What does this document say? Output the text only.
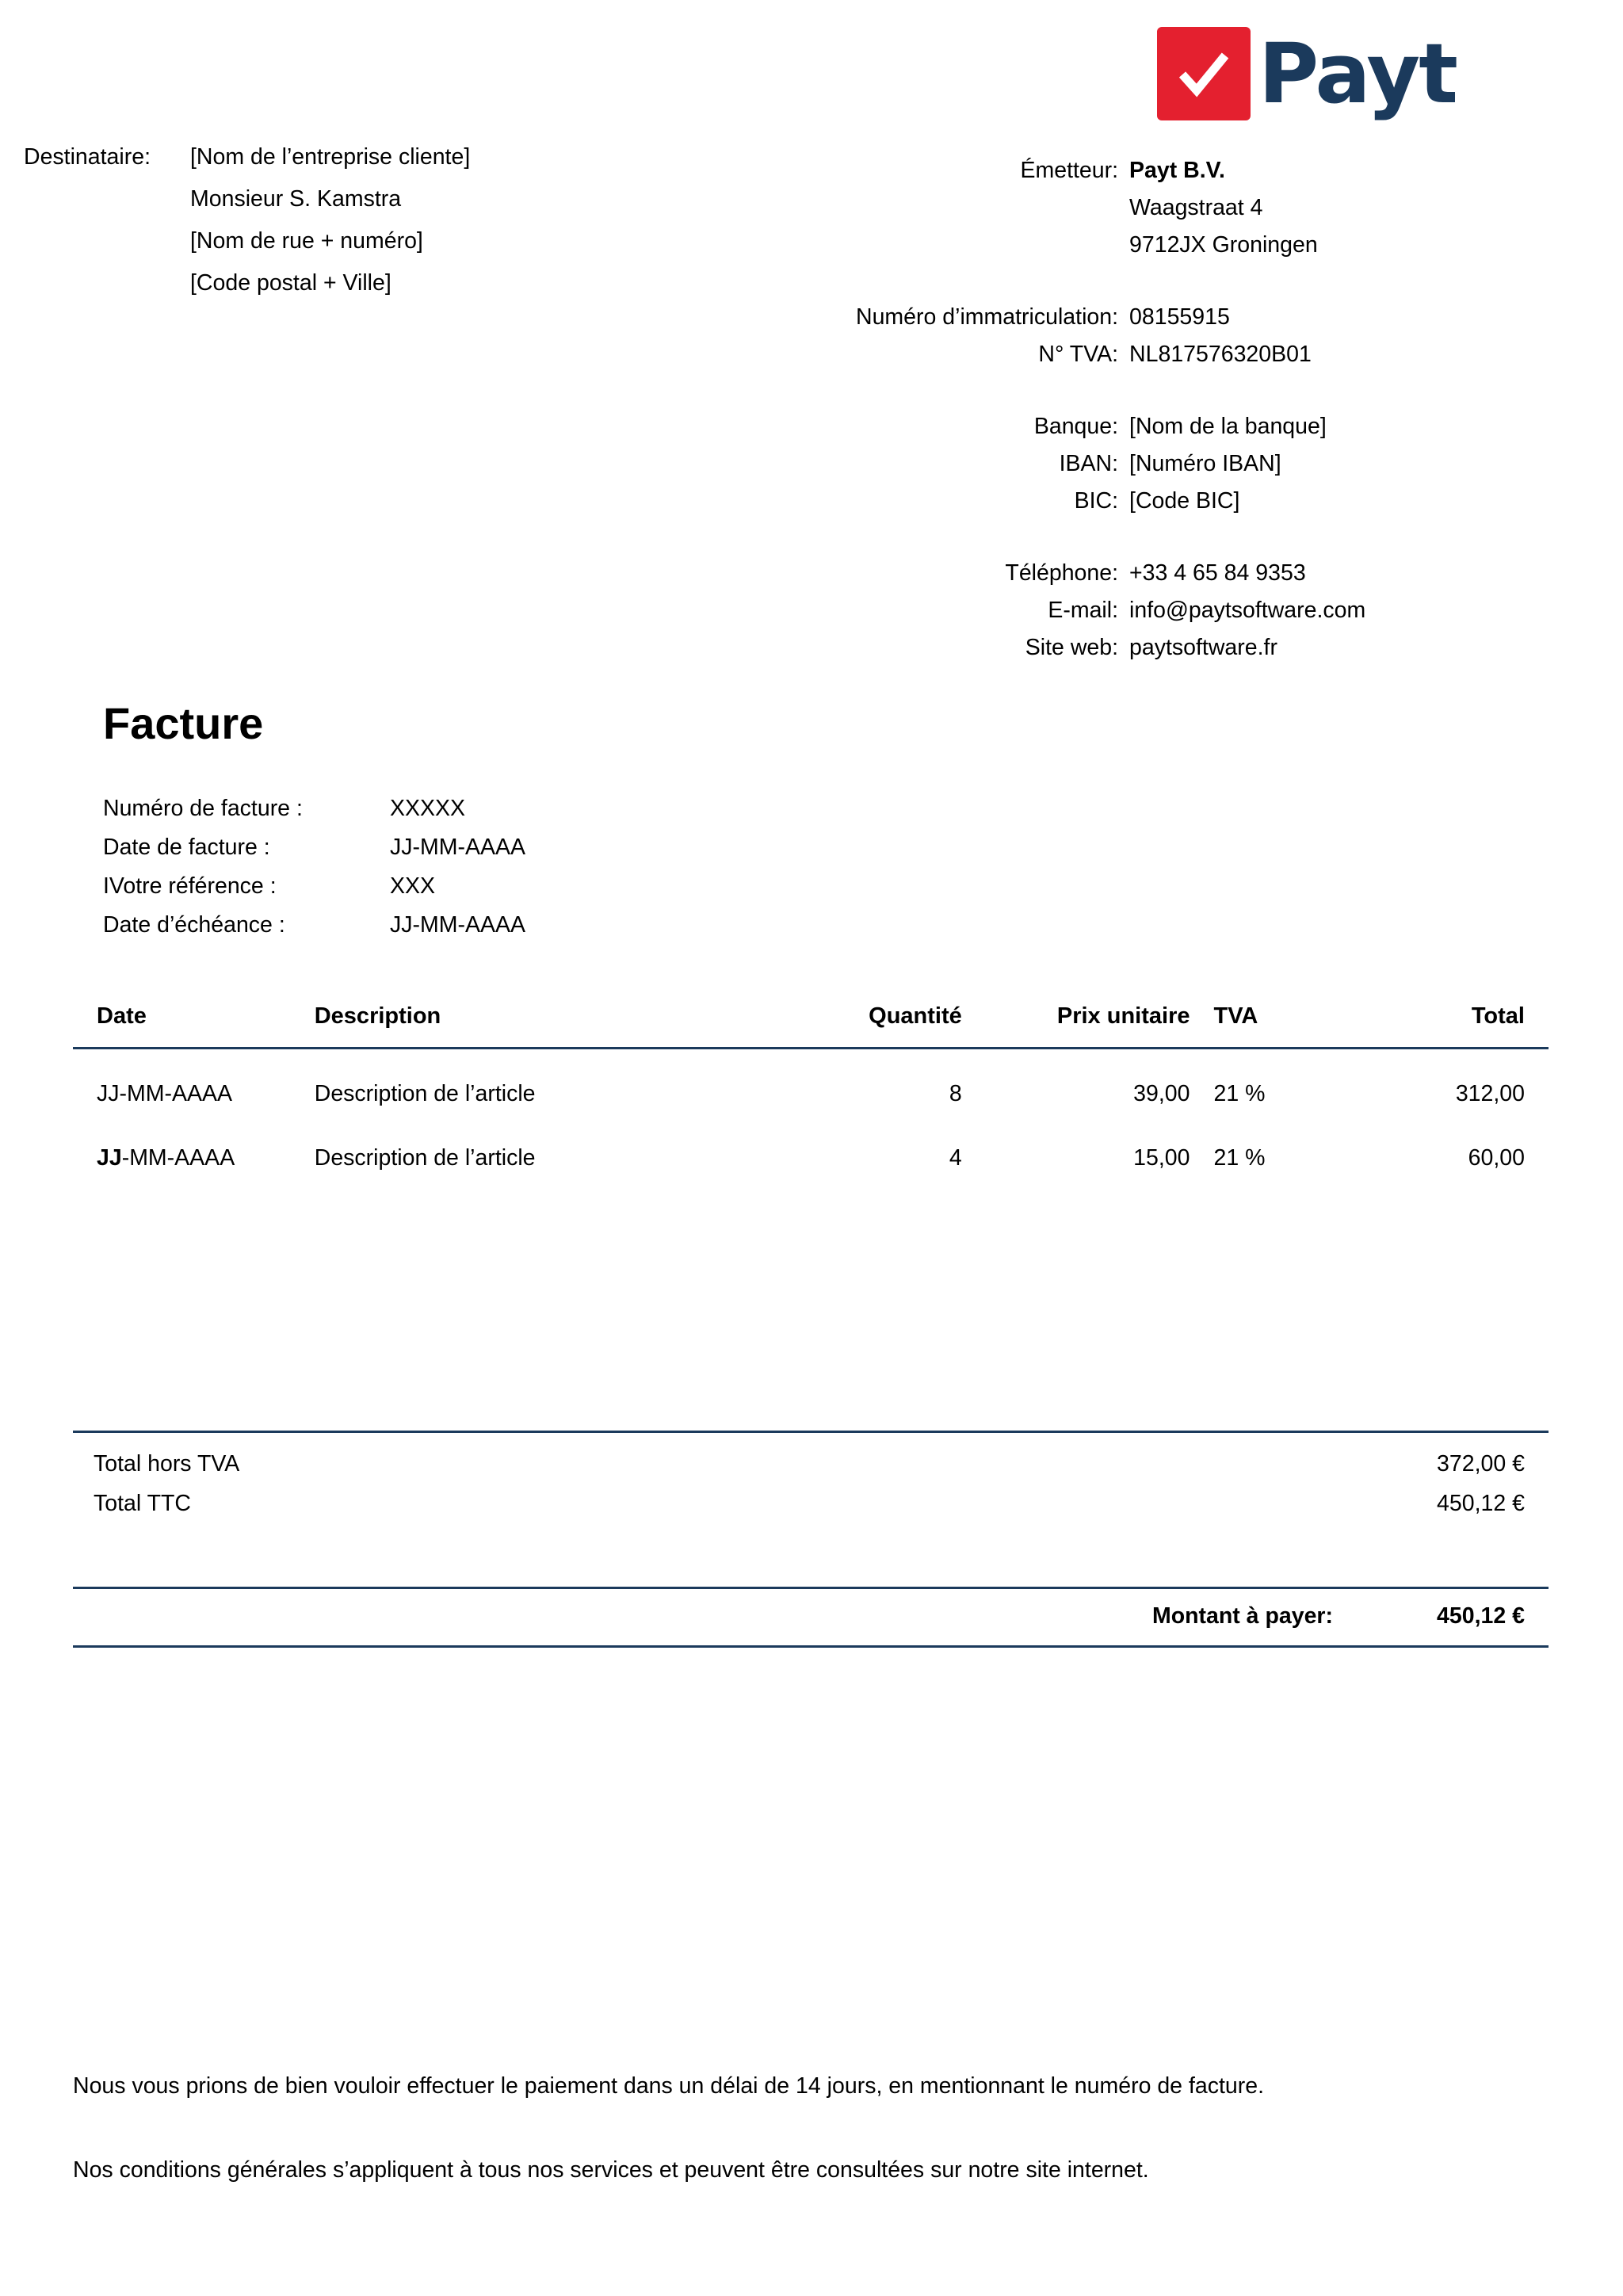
Payt
Destinataire: [Nom de l’entreprise cliente]
Monsieur S. Kamstra
[Nom de rue + numéro]
[Code postal + Ville]
Émetteur:	Payt B.V.
	Waagstraat 4
	9712JX Groningen

Numéro d’immatriculation:	08155915
N° TVA:	NL817576320B01

Banque:	[Nom de la banque]
IBAN:	[Numéro IBAN]
BIC:	[Code BIC]

Téléphone:	+33 4 65 84 9353
E-mail:	info@paytsoftware.com
Site web:	paytsoftware.fr
Facture
Numéro de facture :	XXXXX
Date de facture :	JJ-MM-AAAA
IVotre référence :	XXX
Date d’échéance :	JJ-MM-AAAA
Date	Description	Quantité	Prix unitaire	TVA	Total
JJ-MM-AAAA	Description de l’article	8	39,00	21 %	312,00
JJ-MM-AAAA	Description de l’article	4	15,00	21 %	60,00
Total hors TVA	372,00 €
Total TTC	450,12 €
Montant à payer:	450,12 €

Nous vous prions de bien vouloir effectuer le paiement dans un délai de 14 jours, en mentionnant le numéro de facture.

Nos conditions générales s’appliquent à tous nos services et peuvent être consultées sur notre site internet.
